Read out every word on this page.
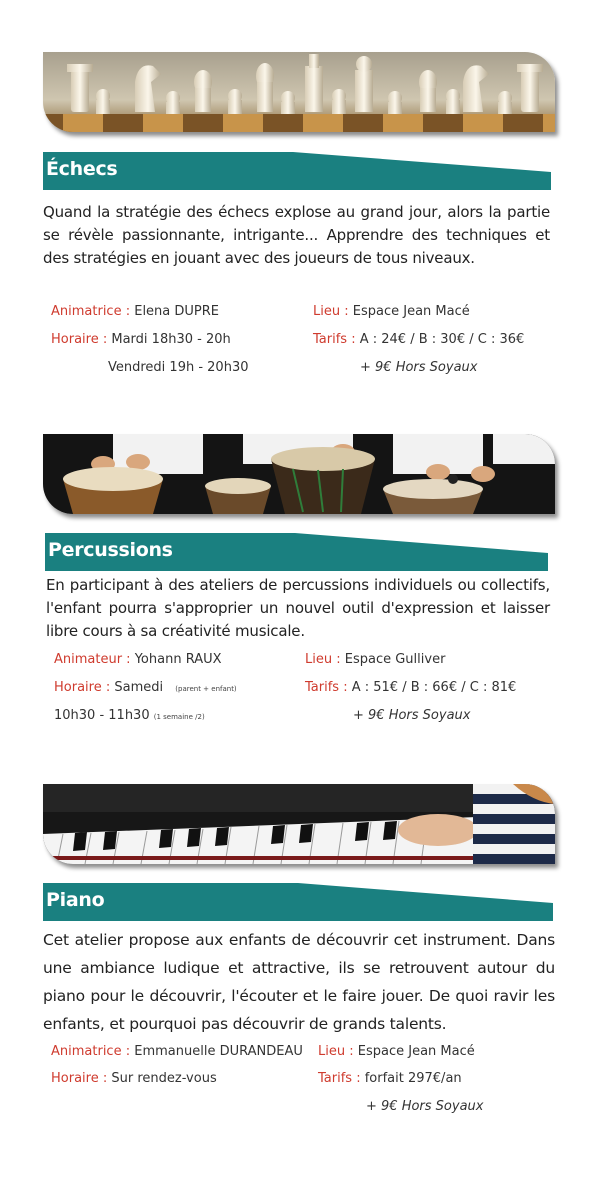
Échecs
Quand la stratégie des échecs explose au grand jour, alors la partie se révèle passionnante, intrigante... Apprendre des techniques et des stratégies en jouant avec des joueurs de tous niveaux.
Animatrice : Elena DUPRE
Horaire : Mardi 18h30 - 20h
Vendredi 19h - 20h30
Lieu : Espace Jean Macé
Tarifs : A : 24€ / B : 30€ / C : 36€
+ 9€ Hors Soyaux
Percussions
En participant à des ateliers de percussions individuels ou collectifs, l'enfant pourra s'approprier un nouvel outil d'expression et laisser libre cours à sa créativité musicale.
Animateur : Yohann RAUX
Horaire : Samedi (parent + enfant)
10h30 - 11h30 (1 semaine /2)
Lieu : Espace Gulliver
Tarifs : A : 51€ / B : 66€ / C : 81€
+ 9€ Hors Soyaux
Piano
Cet atelier propose aux enfants de découvrir cet instrument. Dans une ambiance ludique et attractive, ils se retrouvent autour du piano pour le découvrir, l'écouter et le faire jouer. De quoi ravir les enfants, et pourquoi pas découvrir de grands talents.
Animatrice : Emmanuelle DURANDEAU
Horaire : Sur rendez-vous
Lieu : Espace Jean Macé
Tarifs : forfait 297€/an
+ 9€ Hors Soyaux
